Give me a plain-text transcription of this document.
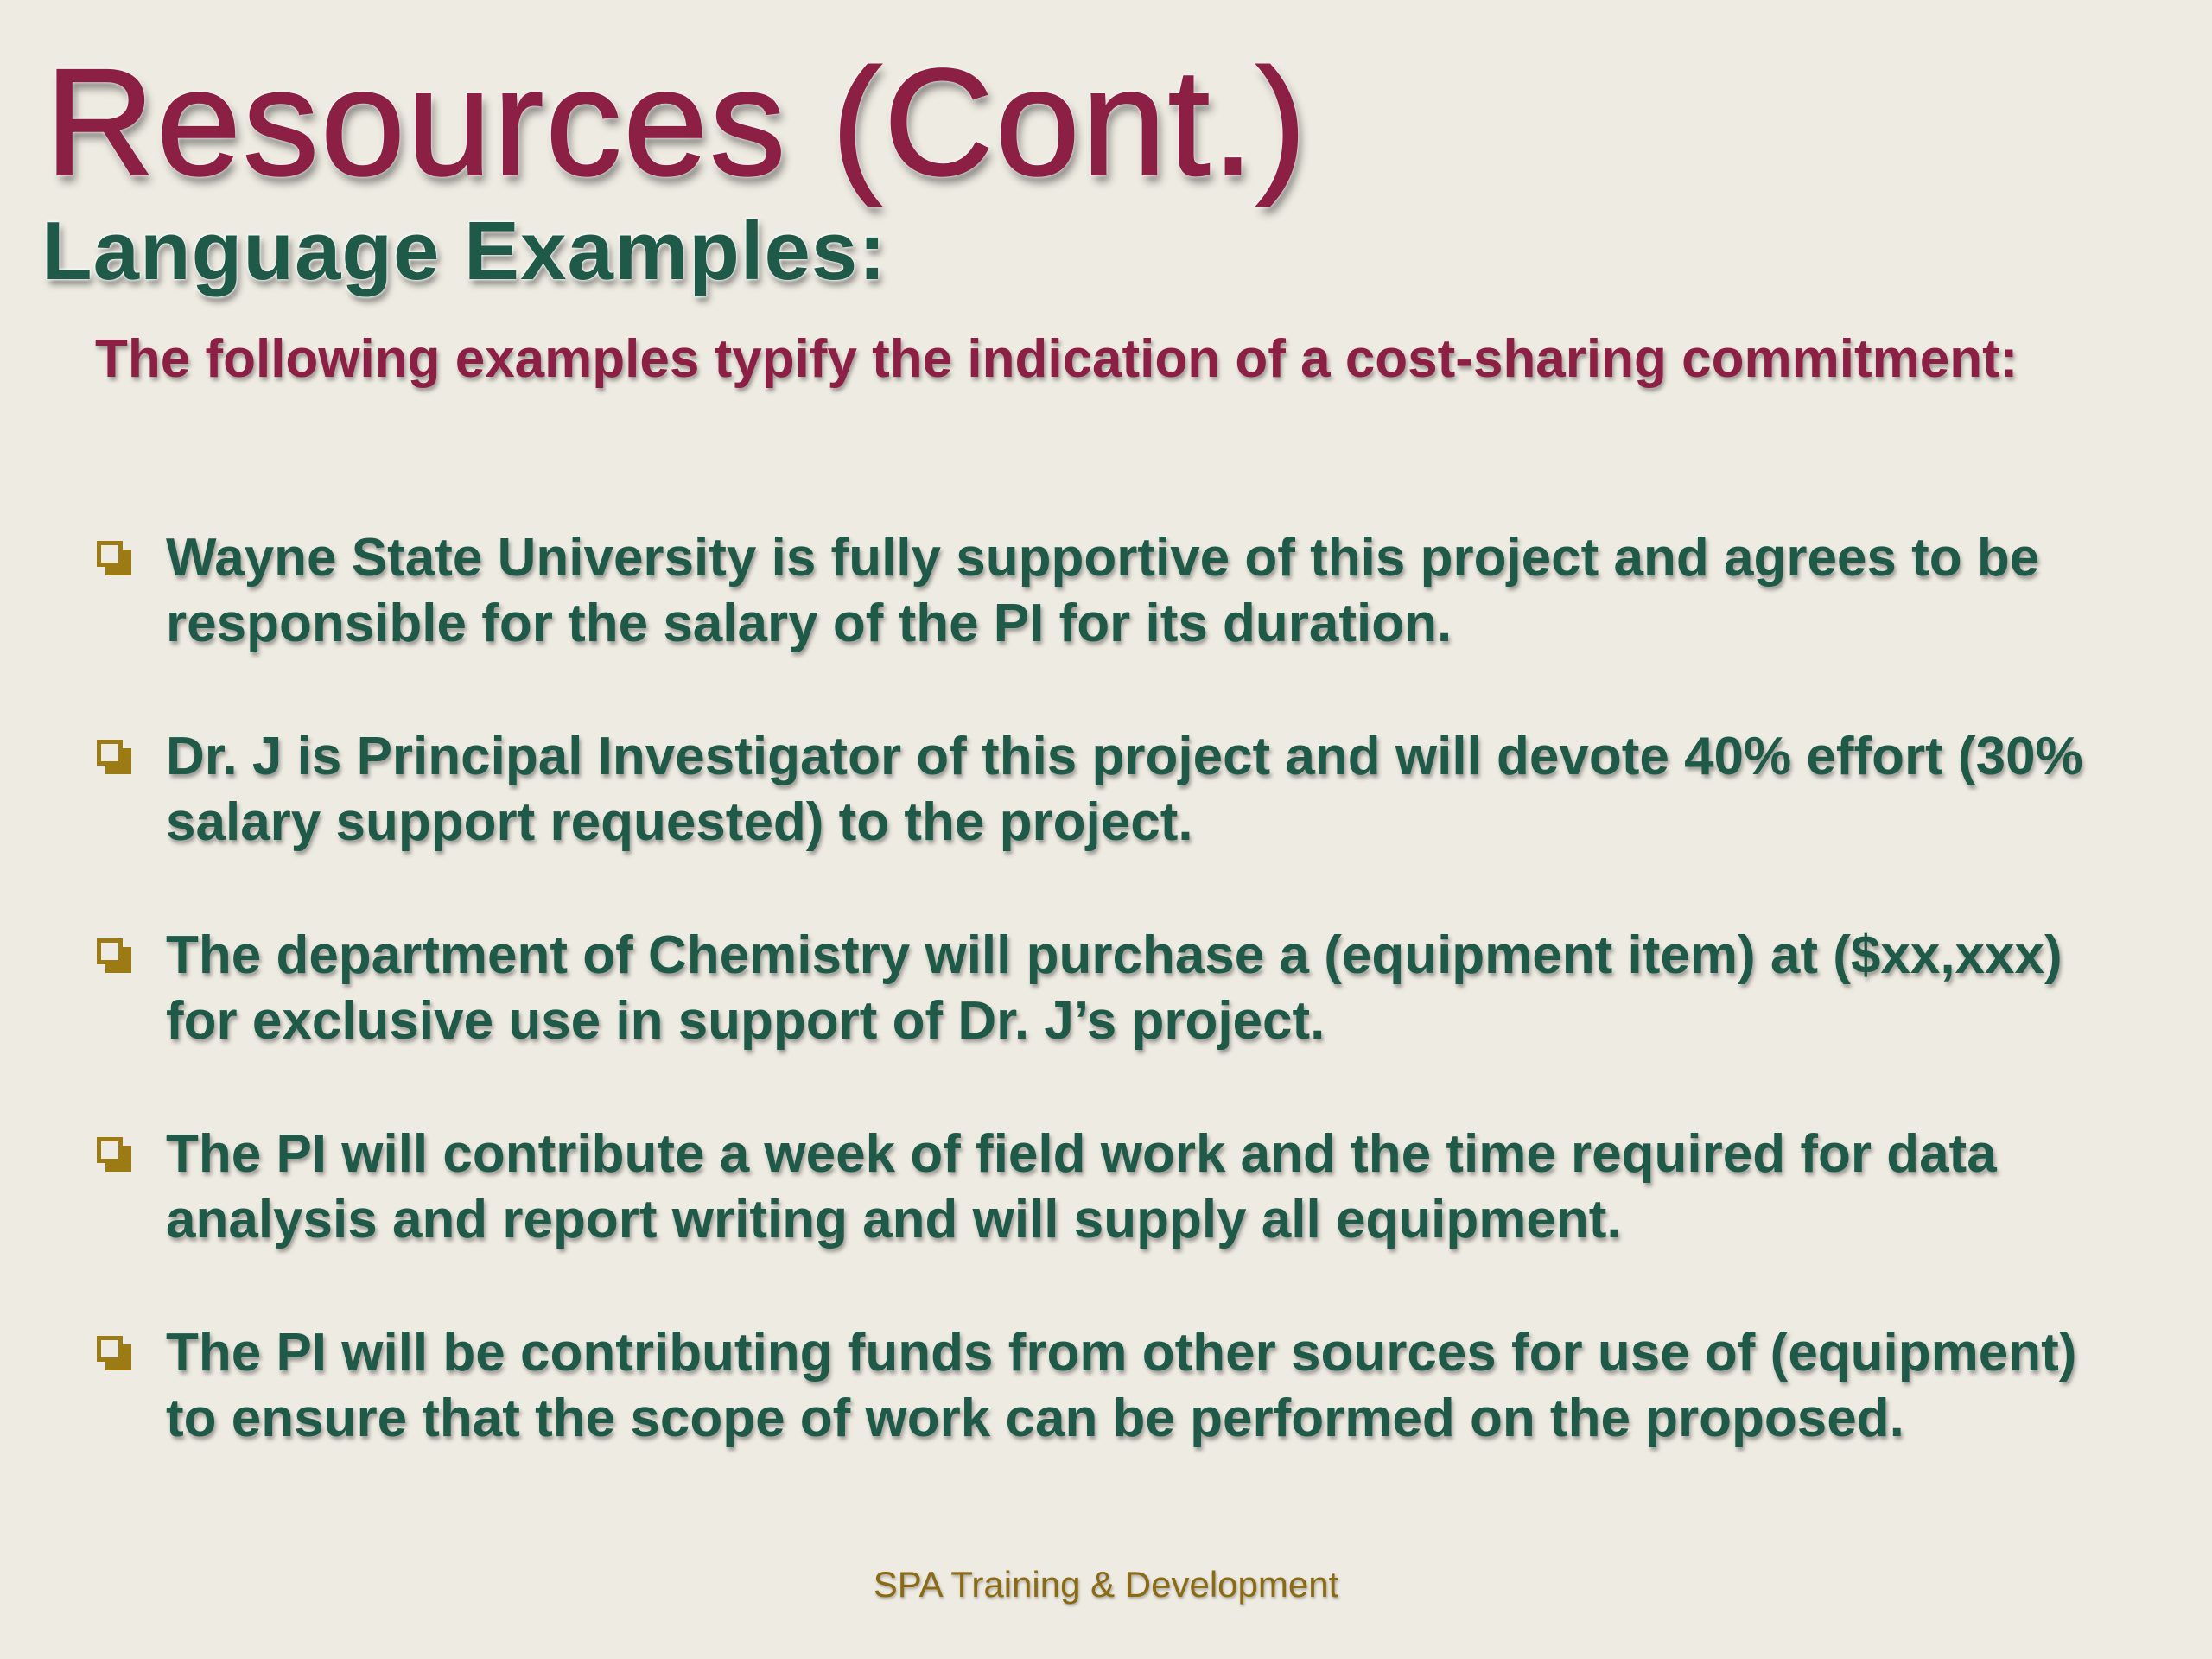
Resources (Cont.)
Language Examples:

The following examples typify the indication of a cost-sharing commitment:

Wayne State University is fully supportive of this project and agrees to be responsible for the salary of the PI for its duration.
Dr. J is Principal Investigator of this project and will devote 40% effort (30% salary support requested) to the project.
The department of Chemistry will purchase a (equipment item) at ($xx,xxx) for exclusive use in support of Dr. J’s project.
The PI will contribute a week of field work and the time required for data analysis and report writing and will supply all equipment.
The PI will be contributing funds from other sources for use of (equipment) to ensure that the scope of work can be performed on the proposed.
SPA Training & Development
